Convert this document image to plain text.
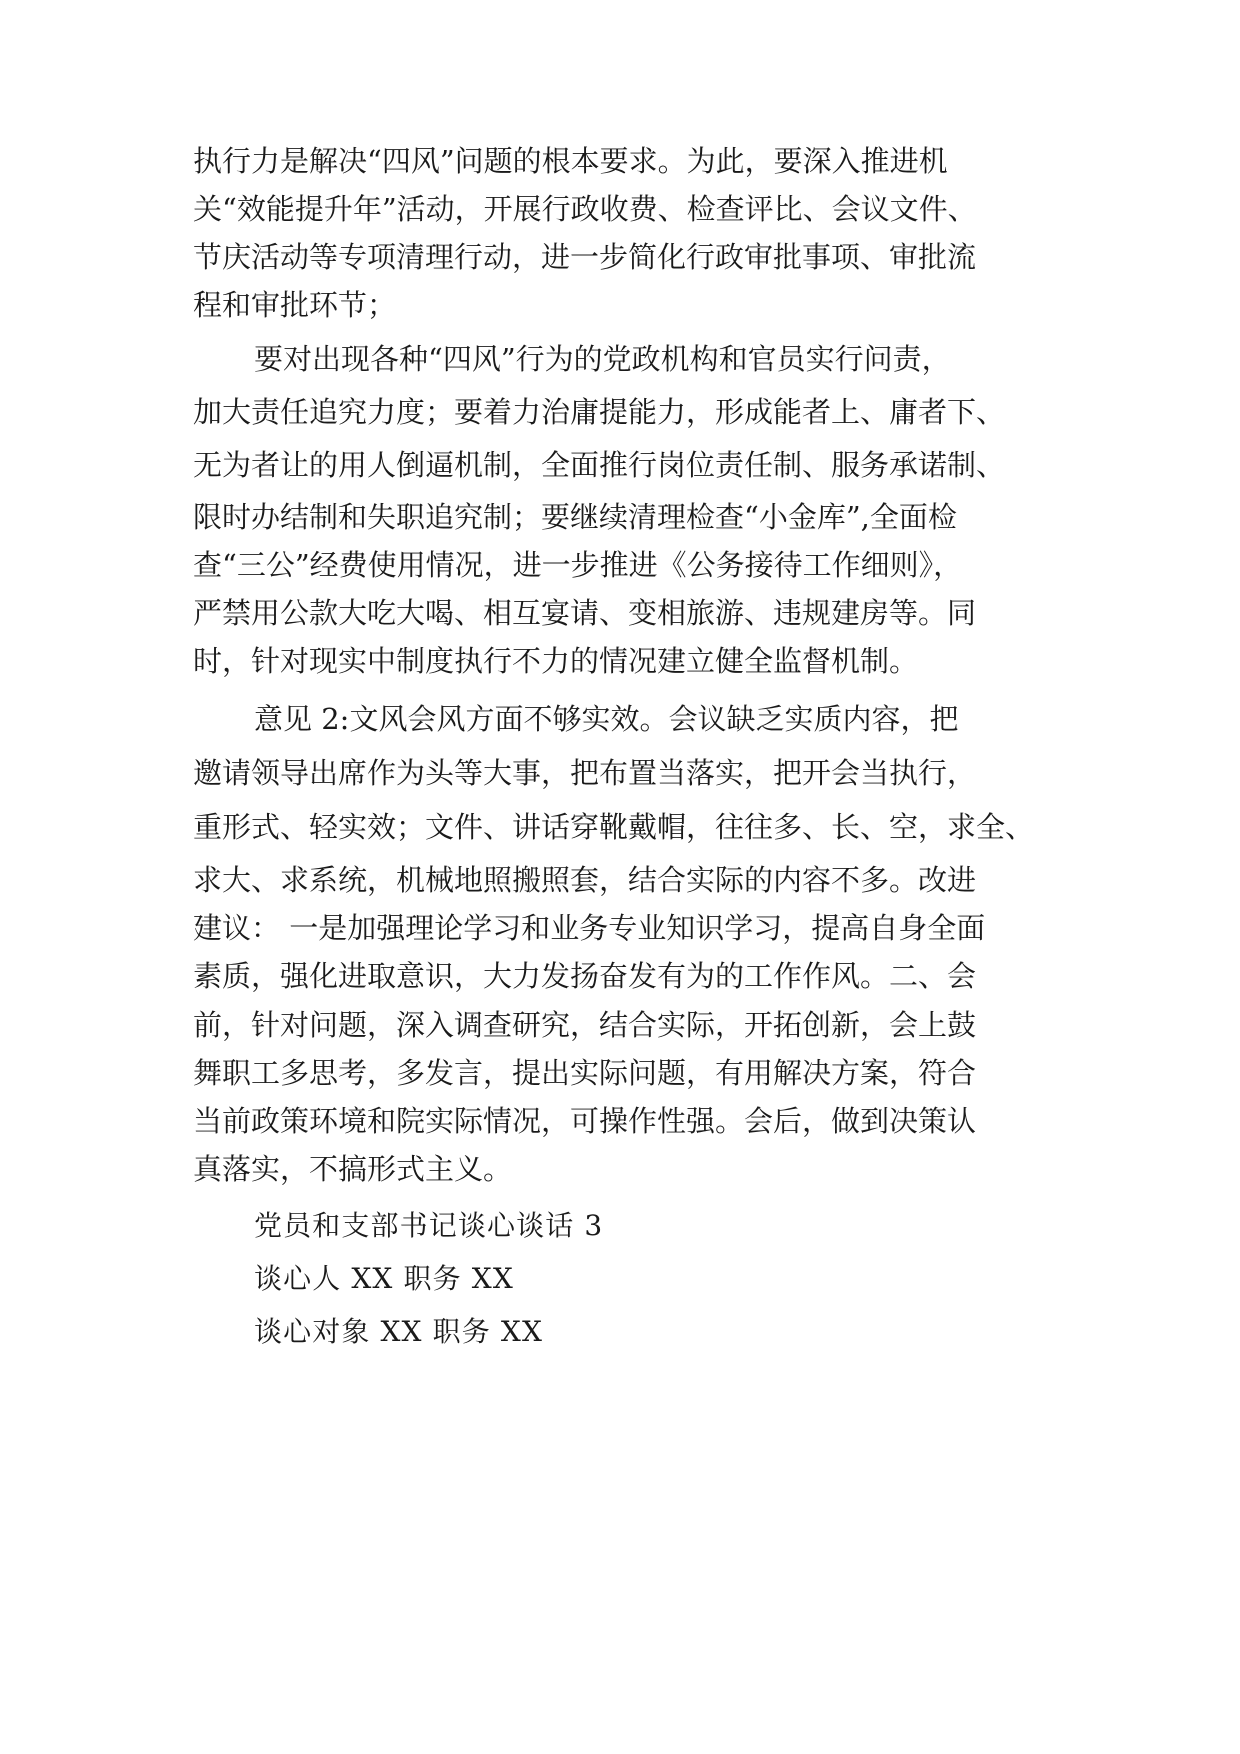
执行力是解决“四风”问题的根本要求。为此，要深入推进机
关“效能提升年”活动，开展行政收费、检查评比、会议文件、
节庆活动等专项清理行动，进一步简化行政审批事项、审批流
程和审批环节；
要对出现各种“四风”行为的党政机构和官员实行问责，
加大责任追究力度；要着力治庸提能力，形成能者上、庸者下、
无为者让的用人倒逼机制，全面推行岗位责任制、服务承诺制、
限时办结制和失职追究制；要继续清理检查“小金库”,全面检
查“三公”经费使用情况，进一步推进《公务接待工作细则》，
严禁用公款大吃大喝、相互宴请、变相旅游、违规建房等。同
时，针对现实中制度执行不力的情况建立健全监督机制。
意见 2:文风会风方面不够实效。会议缺乏实质内容，把
邀请领导出席作为头等大事，把布置当落实，把开会当执行，
重形式、轻实效；文件、讲话穿靴戴帽，往往多、长、空，求全、
求大、求系统，机械地照搬照套，结合实际的内容不多。改进
建议： 一是加强理论学习和业务专业知识学习，提高自身全面
素质，强化进取意识，大力发扬奋发有为的工作作风。二、会
前，针对问题，深入调查研究，结合实际，开拓创新，会上鼓
舞职工多思考，多发言，提出实际问题，有用解决方案，符合
当前政策环境和院实际情况，可操作性强。会后，做到决策认
真落实，不搞形式主义。
党员和支部书记谈心谈话 3
谈心人 XX 职务 XX
谈心对象 XX 职务 XX
